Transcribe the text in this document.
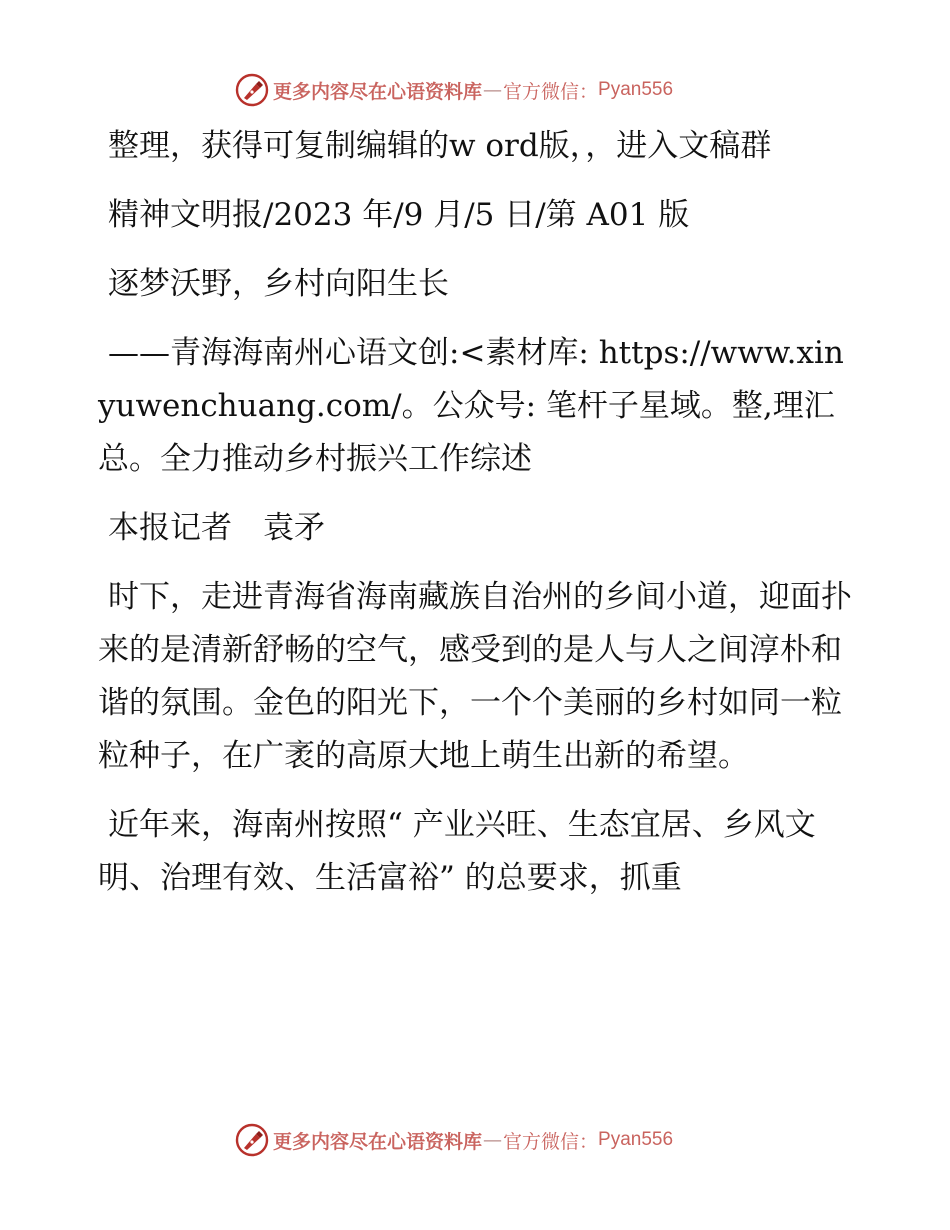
更多内容尽在心语资料库 — 官方微信： Pyan556

整理，获得可复制编辑的w ord版，，进入文稿群

精神文明报/2023 年/9 月/5 日/第 A01 版

逐梦沃野，乡村向阳生长

——青海海南州心语文创:<素材库: https://www.xinyuwenchuang.com/。公众号: 笔杆子星域。整,理汇总。全力推动乡村振兴工作综述

本报记者　袁矛

时下，走进青海省海南藏族自治州的乡间小道，迎面扑来的是清新舒畅的空气，感受到的是人与人之间淳朴和谐的氛围。金色的阳光下，一个个美丽的乡村如同一粒粒种子，在广袤的高原大地上萌生出新的希望。

近年来，海南州按照“ 产业兴旺、生态宜居、乡风文明、治理有效、生活富裕” 的总要求，抓重

更多内容尽在心语资料库 — 官方微信： Pyan556
